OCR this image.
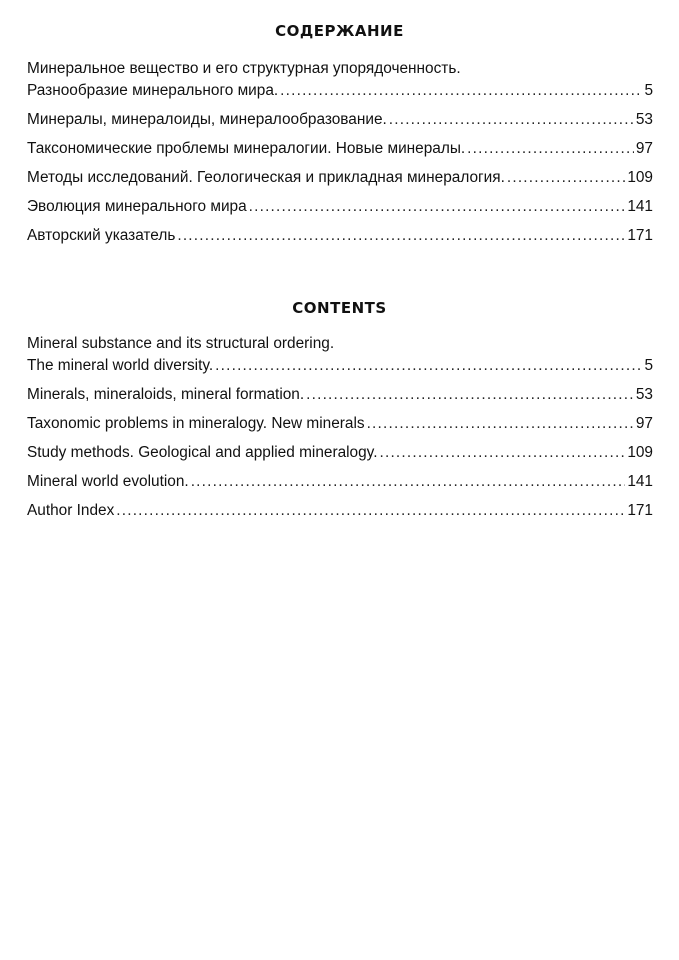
СОДЕРЖАНИЕ
Минеральное вещество и его структурная упорядоченность.
Разнообразие минерального мира. .....	5
Минералы, минералоиды, минералообразование. .....	53
Таксономические проблемы минералогии. Новые минералы. .....	97
Методы исследований. Геологическая и прикладная минералогия. .....	109
Эволюция минерального мира .....	141
Авторский указатель .....	171
CONTENTS
Mineral substance and its structural ordering.
The mineral world diversity. .....	5
Minerals, mineraloids, mineral formation. .....	53
Taxonomic problems in mineralogy. New minerals .....	97
Study methods. Geological and applied mineralogy. .....	109
Mineral world evolution. .....	141
Author Index .....	171
